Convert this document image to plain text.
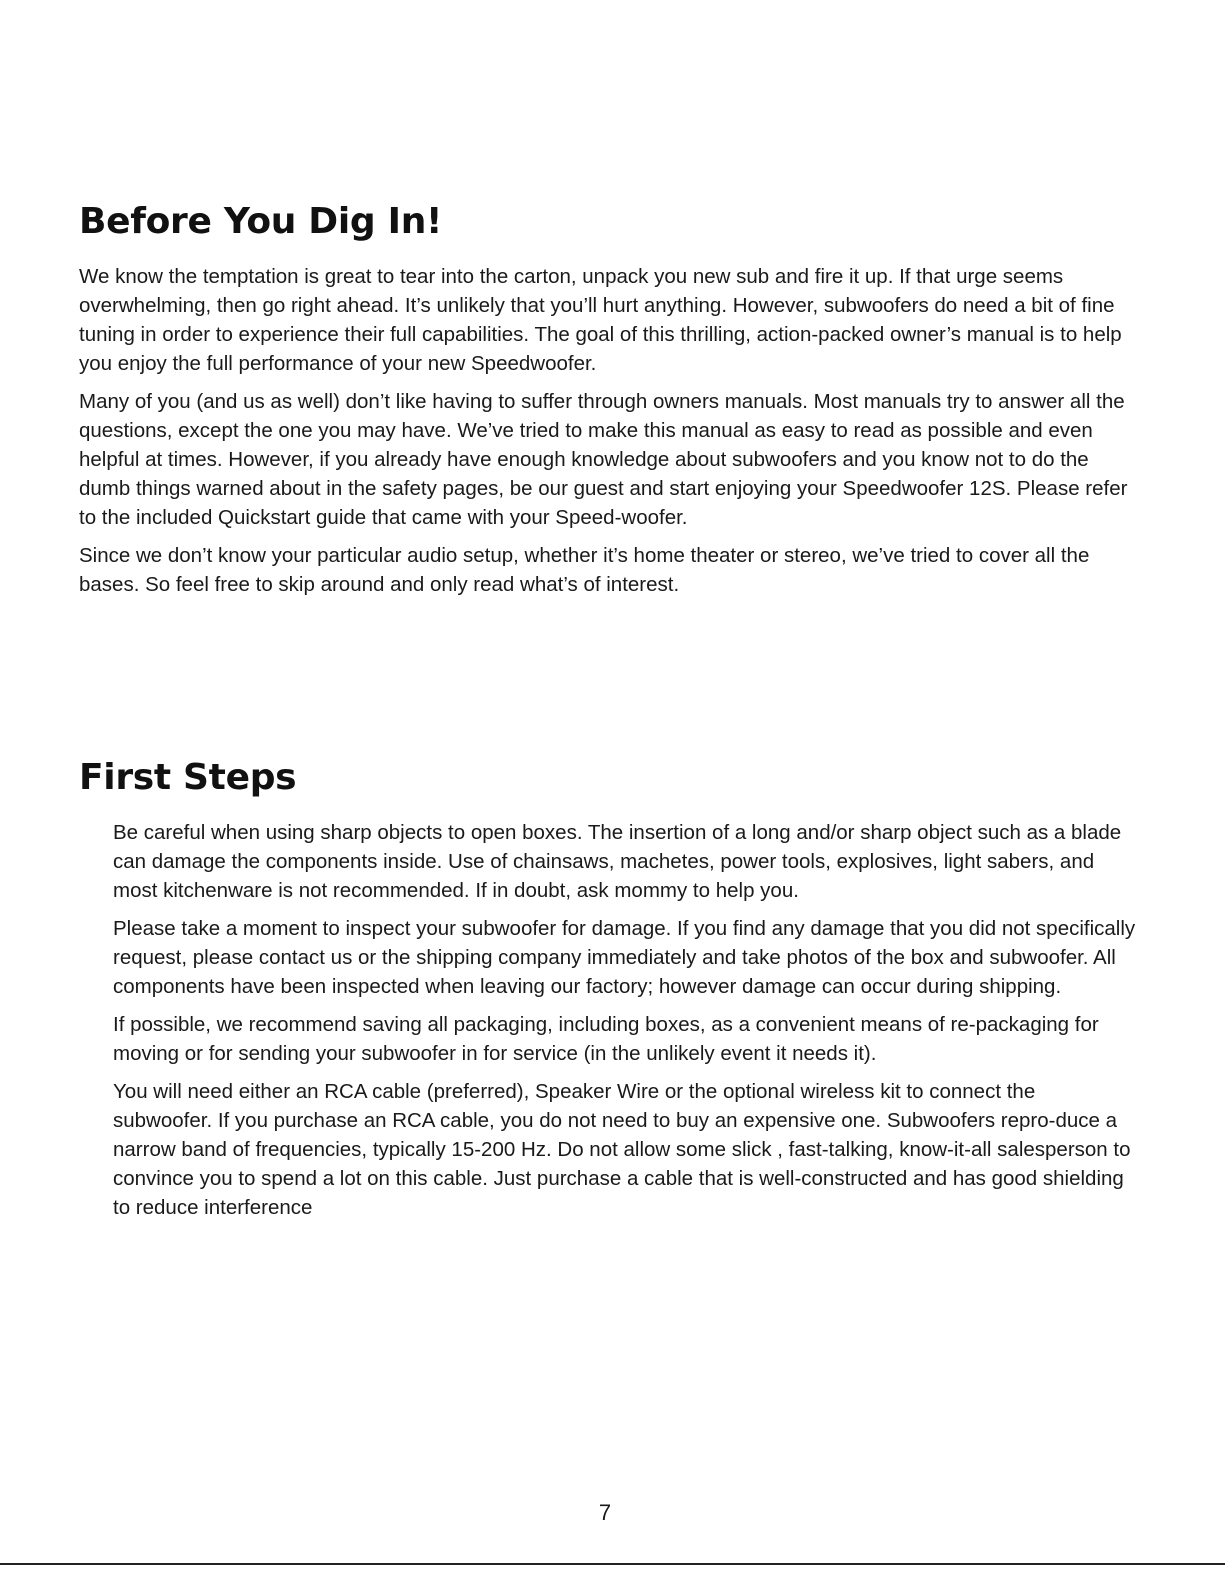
Before You Dig In!

We know the temptation is great to tear into the carton, unpack you new sub and fire it up. If that urge seems overwhelming, then go right ahead. It’s unlikely that you’ll hurt anything. However, subwoofers do need a bit of fine tuning in order to experience their full capabilities. The goal of this thrilling, action-packed owner’s manual is to help you enjoy the full performance of your new Speedwoofer.

Many of you (and us as well) don’t like having to suffer through owners manuals. Most manuals try to answer all the questions, except the one you may have. We’ve tried to make this manual as easy to read as possible and even helpful at times. However, if you already have enough knowledge about subwoofers and you know not to do the dumb things warned about in the safety pages, be our guest and start enjoying your Speedwoofer 12S. Please refer to the included Quickstart guide that came with your Speed-woofer.

Since we don’t know your particular audio setup, whether it’s home theater or stereo, we’ve tried to cover all the bases. So feel free to skip around and only read what’s of interest.

First Steps

Be careful when using sharp objects to open boxes. The insertion of a long and/or sharp object such as a blade can damage the components inside. Use of chainsaws, machetes, power tools, explosives, light sabers, and most kitchenware is not recommended. If in doubt, ask mommy to help you.

Please take a moment to inspect your subwoofer for damage. If you find any damage that you did not specifically request, please contact us or the shipping company immediately and take photos of the box and subwoofer. All components have been inspected when leaving our factory; however damage can occur during shipping.

If possible, we recommend saving all packaging, including boxes, as a convenient means of re-packaging for moving or for sending your subwoofer in for service (in the unlikely event it needs it).

You will need either an RCA cable (preferred), Speaker Wire or the optional wireless kit to connect the subwoofer. If you purchase an RCA cable, you do not need to buy an expensive one. Subwoofers repro-duce a narrow band of frequencies, typically 15-200 Hz. Do not allow some slick , fast-talking, know-it-all salesperson to convince you to spend a lot on this cable. Just purchase a cable that is well-constructed and has good shielding to reduce interference

7
